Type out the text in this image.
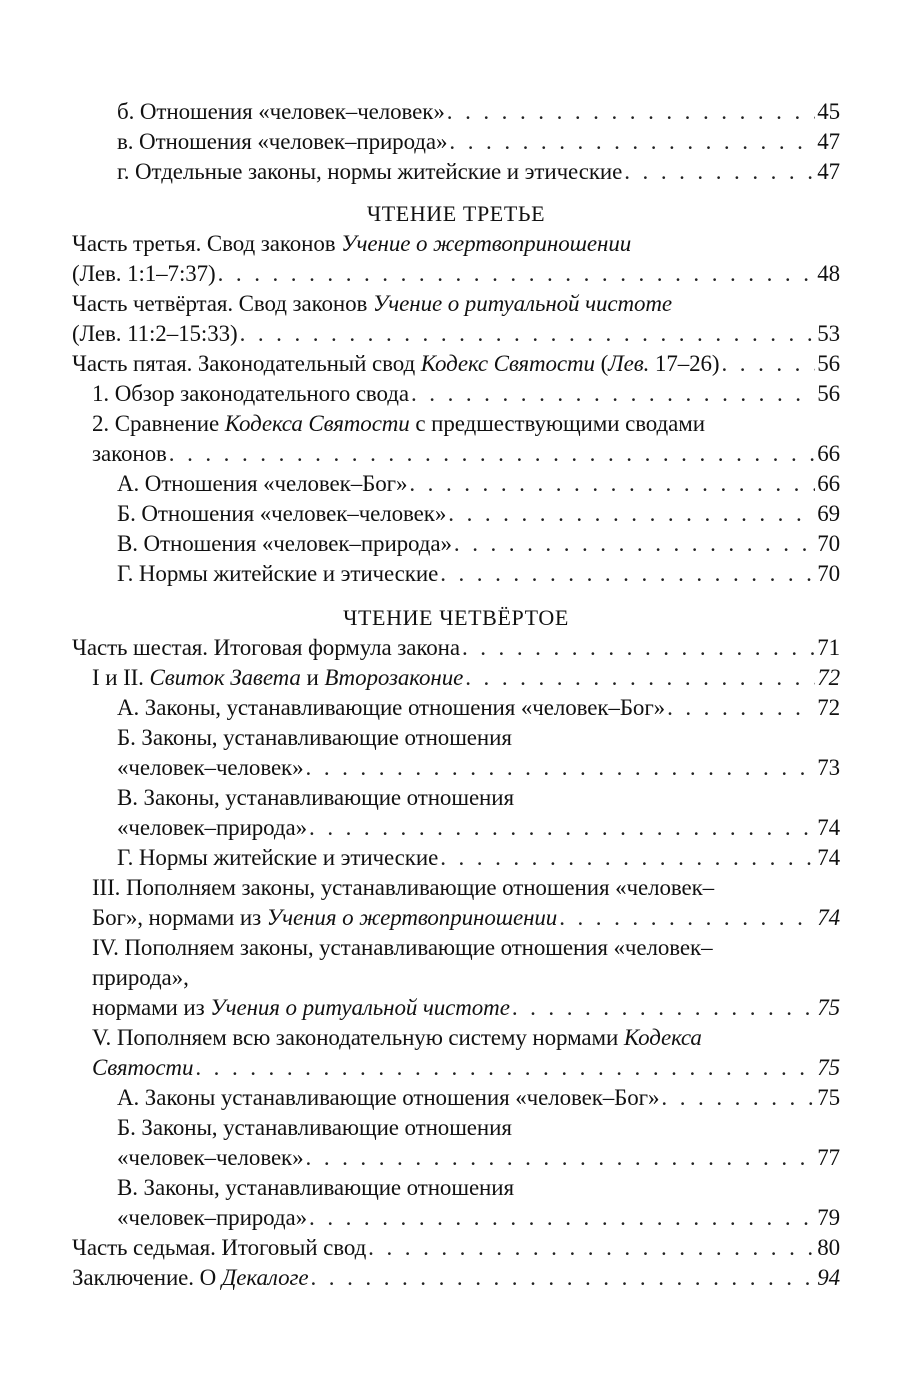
б. Отношения «человек–человек» . . .	45
в. Отношения «человек–природа» . . .	47
г. Отдельные законы, нормы житейские и этические . . .	47
ЧТЕНИЕ ТРЕТЬЕ
Часть третья. Свод законов Учение о жертвоприношении
(Лев. 1:1–7:37) . . .	48
Часть четвёртая. Свод законов Учение о ритуальной чистоте
(Лев. 11:2–15:33) . . .	53
Часть пятая. Законодательный свод Кодекс Святости (Лев. 17–26) . . .	56
1. Обзор законодательного свода . . .	56
2. Сравнение Кодекса Святости с предшествующими сводами
законов . . .	66
А. Отношения «человек–Бог» . . .	66
Б. Отношения «человек–человек» . . .	69
В. Отношения «человек–природа» . . .	70
Г. Нормы житейские и этические . . .	70
ЧТЕНИЕ ЧЕТВЁРТОЕ
Часть шестая. Итоговая формула закона . . .	71
I и II. Свиток Завета и Второзаконие . . .	72
А. Законы, устанавливающие отношения «человек–Бог» . . .	72
Б. Законы, устанавливающие отношения
«человек–человек» . . .	73
В. Законы, устанавливающие отношения
«человек–природа» . . .	74
Г. Нормы житейские и этические . . .	74
III. Пополняем законы, устанавливающие отношения «человек–
Бог», нормами из Учения о жертвоприношении . . .	74
IV. Пополняем законы, устанавливающие отношения «человек–
природа»,
нормами из Учения о ритуальной чистоте . . .	75
V. Пополняем всю законодательную систему нормами Кодекса
Святости . . .	75
А. Законы устанавливающие отношения «человек–Бог» . . .	75
Б. Законы, устанавливающие отношения
«человек–человек» . . .	77
В. Законы, устанавливающие отношения
«человек–природа» . . .	79
Часть седьмая. Итоговый свод . . .	80
Заключение. О Декалоге . . .	94
